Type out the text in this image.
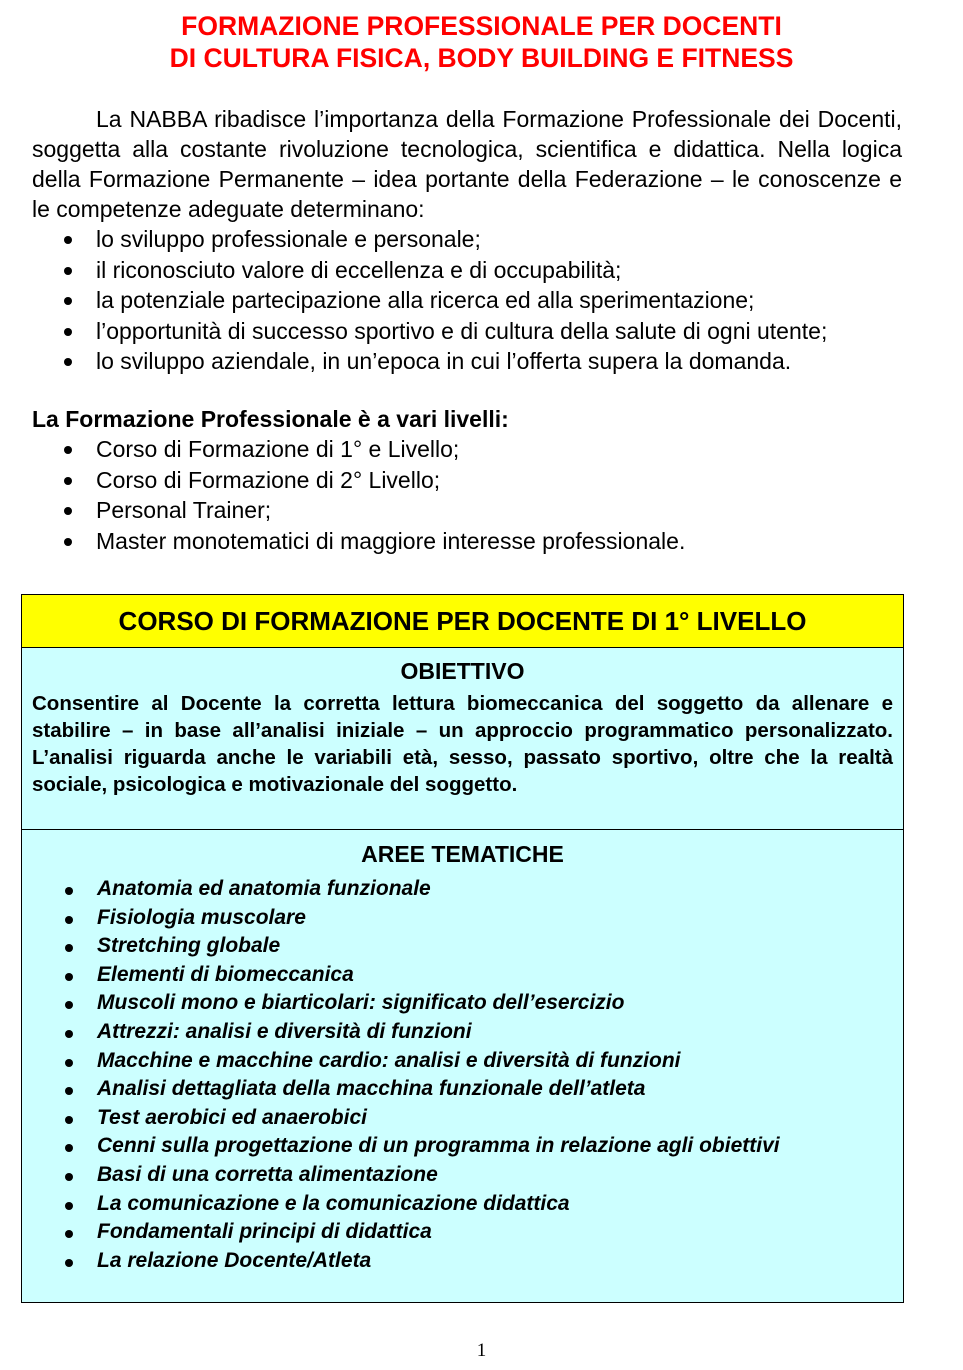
FORMAZIONE PROFESSIONALE PER DOCENTI
DI CULTURA FISICA, BODY BUILDING E FITNESS

La NABBA ribadisce l’importanza della Formazione Professionale dei Docenti, soggetta alla costante rivoluzione tecnologica, scientifica e didattica. Nella logica della Formazione Permanente – idea portante della Federazione – le conoscenze e le competenze adeguate determinano:

lo sviluppo professionale e personale;
il riconosciuto valore di eccellenza e di occupabilità;
la potenziale partecipazione alla ricerca ed alla sperimentazione;
l’opportunità di successo sportivo e di cultura della salute di ogni utente;
lo sviluppo aziendale, in un’epoca in cui l’offerta supera la domanda.
La Formazione Professionale è a vari livelli:
Corso di Formazione di 1° e Livello;
Corso di Formazione di 2° Livello;
Personal Trainer;
Master monotematici di maggiore interesse professionale.
CORSO DI FORMAZIONE PER DOCENTE DI 1° LIVELLO
OBIETTIVO

Consentire al Docente la corretta lettura biomeccanica del soggetto da allenare e stabilire – in base all’analisi iniziale – un approccio programmatico personalizzato. L’analisi riguarda anche le variabili età, sesso, passato sportivo, oltre che la realtà sociale, psicologica e motivazionale del soggetto.

AREE TEMATICHE
Anatomia ed anatomia funzionale
Fisiologia muscolare
Stretching globale
Elementi di biomeccanica
Muscoli mono e biarticolari: significato dell’esercizio
Attrezzi: analisi e diversità di funzioni
Macchine e macchine cardio: analisi e diversità di funzioni
Analisi dettagliata della macchina funzionale dell’atleta
Test aerobici ed anaerobici
Cenni sulla progettazione di un programma in relazione agli obiettivi
Basi di una corretta alimentazione
La comunicazione e la comunicazione didattica
Fondamentali principi di didattica
La relazione Docente/Atleta
1
